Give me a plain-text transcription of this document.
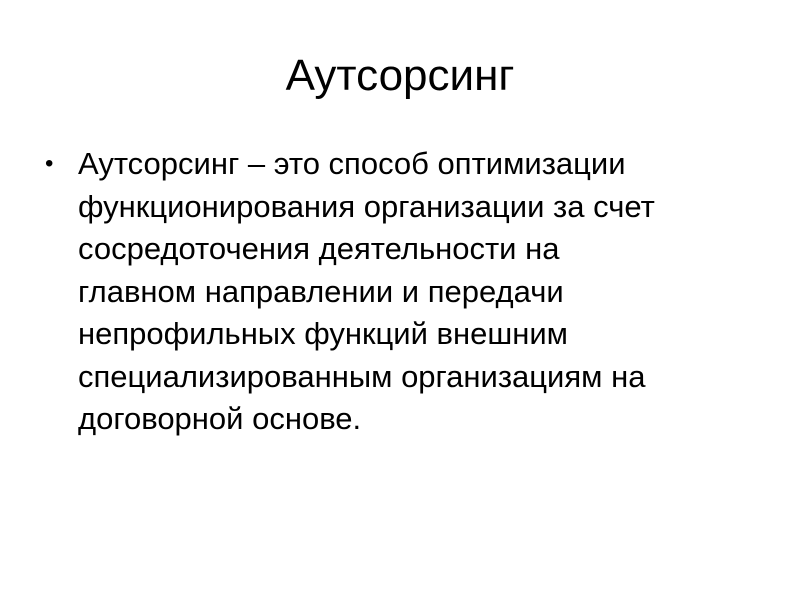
Аутсорсинг
• Аутсорсинг – это способ оптимизации
функционирования организации за счет
сосредоточения деятельности на
главном направлении и передачи
непрофильных функций внешним
специализированным организациям на
договорной основе.
